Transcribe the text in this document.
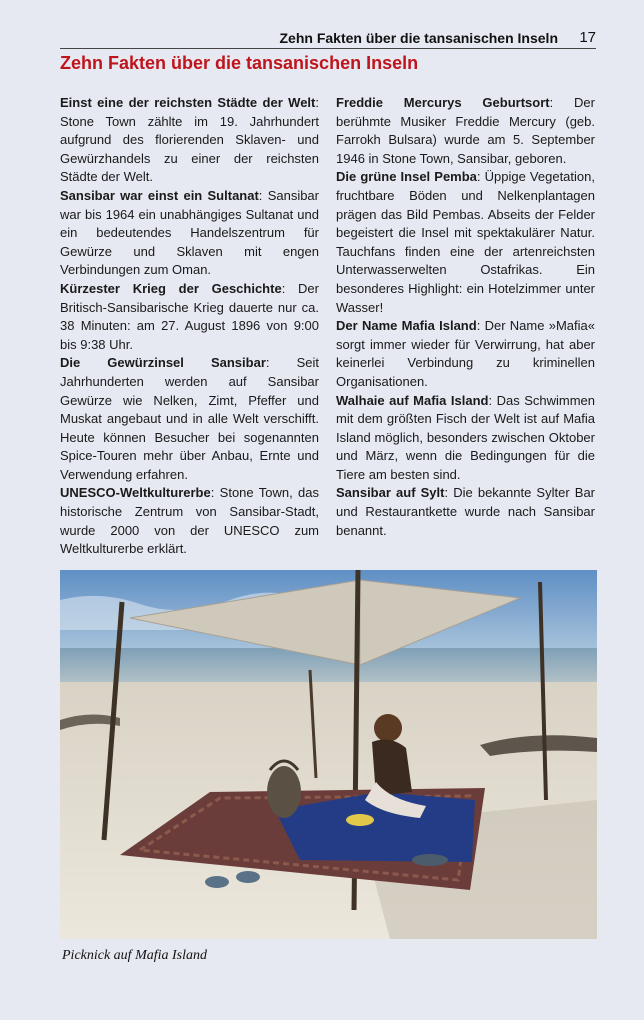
Zehn Fakten über die tansanischen Inseln 17
Zehn Fakten über die tansanischen Inseln

Einst eine der reichsten Städte der Welt: Stone Town zählte im 19. Jahrhundert aufgrund des florierenden Sklaven- und Gewürzhandels zu einer der reichsten Städte der Welt.

Sansibar war einst ein Sultanat: Sansibar war bis 1964 ein unabhängiges Sultanat und ein bedeutendes Handelszentrum für Gewürze und Sklaven mit engen Verbindungen zum Oman.

Kürzester Krieg der Geschichte: Der Britisch-Sansibarische Krieg dauerte nur ca. 38 Minuten: am 27. August 1896 von 9:00 bis 9:38 Uhr.

Die Gewürzinsel Sansibar: Seit Jahrhunderten werden auf Sansibar Gewürze wie Nelken, Zimt, Pfeffer und Muskat angebaut und in alle Welt verschifft. Heute können Besucher bei sogenannten Spice-Touren mehr über Anbau, Ernte und Verwendung erfahren.

UNESCO-Weltkulturerbe: Stone Town, das historische Zentrum von Sansibar-Stadt, wurde 2000 von der UNESCO zum Weltkulturerbe erklärt.

Freddie Mercurys Geburtsort: Der berühmte Musiker Freddie Mercury (geb. Farrokh Bulsara) wurde am 5. September 1946 in Stone Town, Sansibar, geboren.

Die grüne Insel Pemba: Üppige Vegetation, fruchtbare Böden und Nelkenplantagen prägen das Bild Pembas. Abseits der Felder begeistert die Insel mit spektakulärer Natur. Tauchfans finden eine der artenreichsten Unterwasserwelten Ostafrikas. Ein besonderes Highlight: ein Hotelzimmer unter Wasser!

Der Name Mafia Island: Der Name »Mafia« sorgt immer wieder für Verwirrung, hat aber keinerlei Verbindung zu kriminellen Organisationen.

Walhaie auf Mafia Island: Das Schwimmen mit dem größten Fisch der Welt ist auf Mafia Island möglich, besonders zwischen Oktober und März, wenn die Bedingungen für die Tiere am besten sind.

Sansibar auf Sylt: Die bekannte Sylter Bar und Restaurantkette wurde nach Sansibar benannt.

Picknick auf Mafia Island
